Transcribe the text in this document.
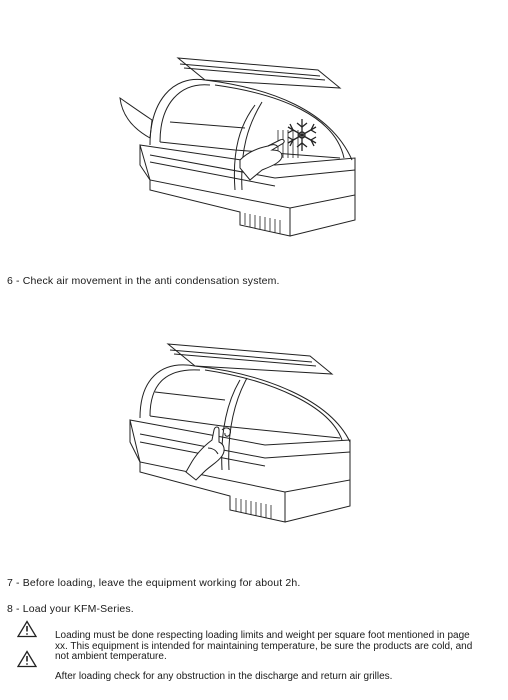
6 - Check air movement in the anti condensation system.
7 - Before loading, leave the equipment working for about 2h.
8 - Load your KFM-Series.
Loading must be done respecting loading limits and weight per square foot mentioned in page xx. This equipment is intended for maintaining temperature, be sure the products are cold, and not ambient temperature.
After loading check for any obstruction in the discharge and return air grilles.
